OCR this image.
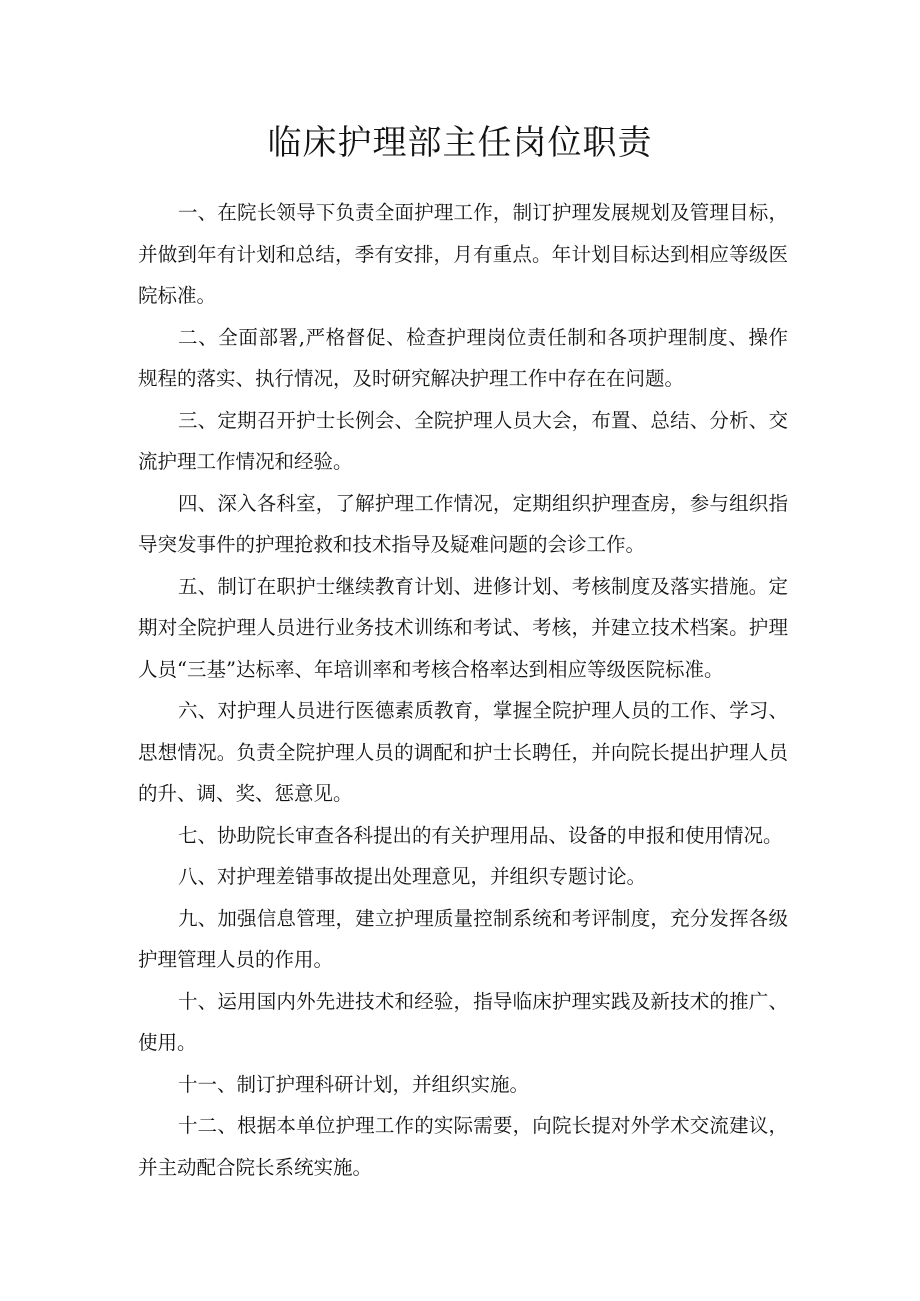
临床护理部主任岗位职责

一、在院长领导下负责全面护理工作，制订护理发展规划及管理目标，并做到年有计划和总结，季有安排，月有重点。年计划目标达到相应等级医院标准。

二、全面部署,严格督促、检查护理岗位责任制和各项护理制度、操作规程的落实、执行情况，及时研究解决护理工作中存在在问题。

三、定期召开护士长例会、全院护理人员大会，布置、总结、分析、交流护理工作情况和经验。

四、深入各科室，了解护理工作情况，定期组织护理查房，参与组织指导突发事件的护理抢救和技术指导及疑难问题的会诊工作。

五、制订在职护士继续教育计划、进修计划、考核制度及落实措施。定期对全院护理人员进行业务技术训练和考试、考核，并建立技术档案。护理人员“三基”达标率、年培训率和考核合格率达到相应等级医院标准。

六、对护理人员进行医德素质教育，掌握全院护理人员的工作、学习、思想情况。负责全院护理人员的调配和护士长聘任，并向院长提出护理人员的升、调、奖、惩意见。

七、协助院长审查各科提出的有关护理用品、设备的申报和使用情况。

八、对护理差错事故提出处理意见，并组织专题讨论。

九、加强信息管理，建立护理质量控制系统和考评制度，充分发挥各级护理管理人员的作用。

十、运用国内外先进技术和经验，指导临床护理实践及新技术的推广、使用。

十一、制订护理科研计划，并组织实施。

十二、根据本单位护理工作的实际需要，向院长提对外学术交流建议，并主动配合院长系统实施。
